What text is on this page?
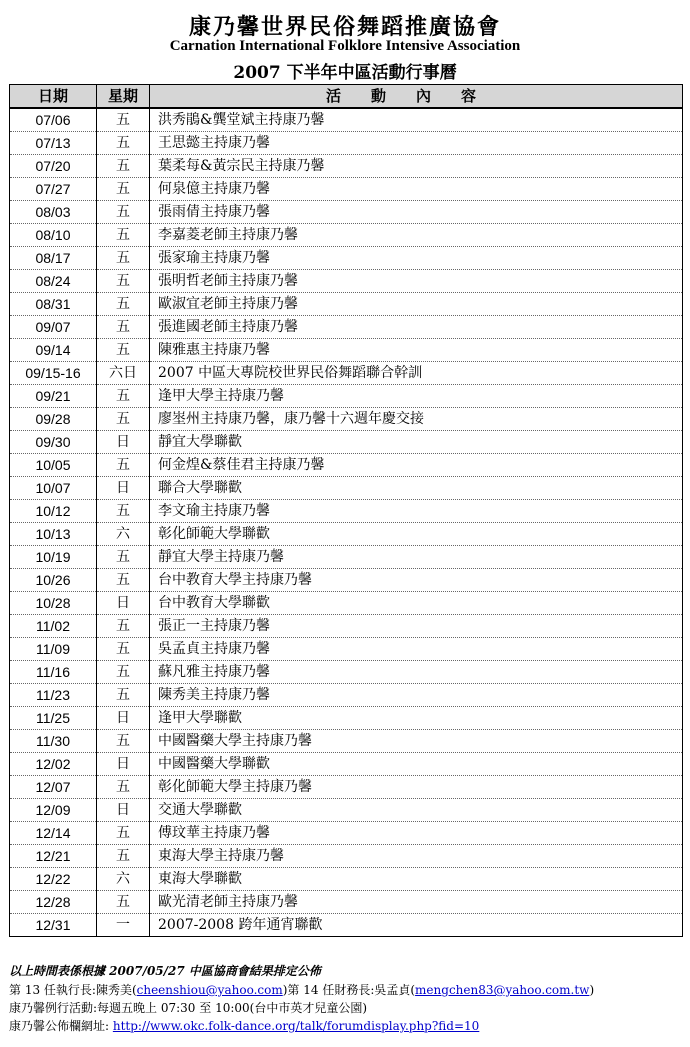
康乃馨世界民俗舞蹈推廣協會
Carnation International Folklore Intensive Association
2007 下半年中區活動行事曆
日期	星期	活動內容
07/06	五	洪秀鵑&龔堂斌主持康乃馨
07/13	五	王思懿主持康乃馨
07/20	五	葉柔每&黃宗民主持康乃馨
07/27	五	何泉億主持康乃馨
08/03	五	張雨倩主持康乃馨
08/10	五	李嘉菱老師主持康乃馨
08/17	五	張家瑜主持康乃馨
08/24	五	張明哲老師主持康乃馨
08/31	五	歐淑宜老師主持康乃馨
09/07	五	張進國老師主持康乃馨
09/14	五	陳雅惠主持康乃馨
09/15-16	六日	2007 中區大專院校世界民俗舞蹈聯合幹訓
09/21	五	逢甲大學主持康乃馨
09/28	五	廖埊州主持康乃馨，康乃馨十六週年慶交接
09/30	日	靜宜大學聯歡
10/05	五	何金煌&蔡佳君主持康乃馨
10/07	日	聯合大學聯歡
10/12	五	李文瑜主持康乃馨
10/13	六	彰化師範大學聯歡
10/19	五	靜宜大學主持康乃馨
10/26	五	台中教育大學主持康乃馨
10/28	日	台中教育大學聯歡
11/02	五	張正一主持康乃馨
11/09	五	吳孟貞主持康乃馨
11/16	五	蘇凡雅主持康乃馨
11/23	五	陳秀美主持康乃馨
11/25	日	逢甲大學聯歡
11/30	五	中國醫藥大學主持康乃馨
12/02	日	中國醫藥大學聯歡
12/07	五	彰化師範大學主持康乃馨
12/09	日	交通大學聯歡
12/14	五	傅玟華主持康乃馨
12/21	五	東海大學主持康乃馨
12/22	六	東海大學聯歡
12/28	五	歐光清老師主持康乃馨
12/31	一	2007-2008 跨年通宵聯歡
以上時間表係根據 2007/05/27 中區協商會結果排定公佈
第 13 任執行長:陳秀美(cheenshiou@yahoo.com)第 14 任財務長:吳孟貞(mengchen83@yahoo.com.tw)
康乃馨例行活動:每週五晚上 07:30 至 10:00(台中市英才兒童公園)
康乃馨公佈欄網址: http://www.okc.folk-dance.org/talk/forumdisplay.php?fid=10
